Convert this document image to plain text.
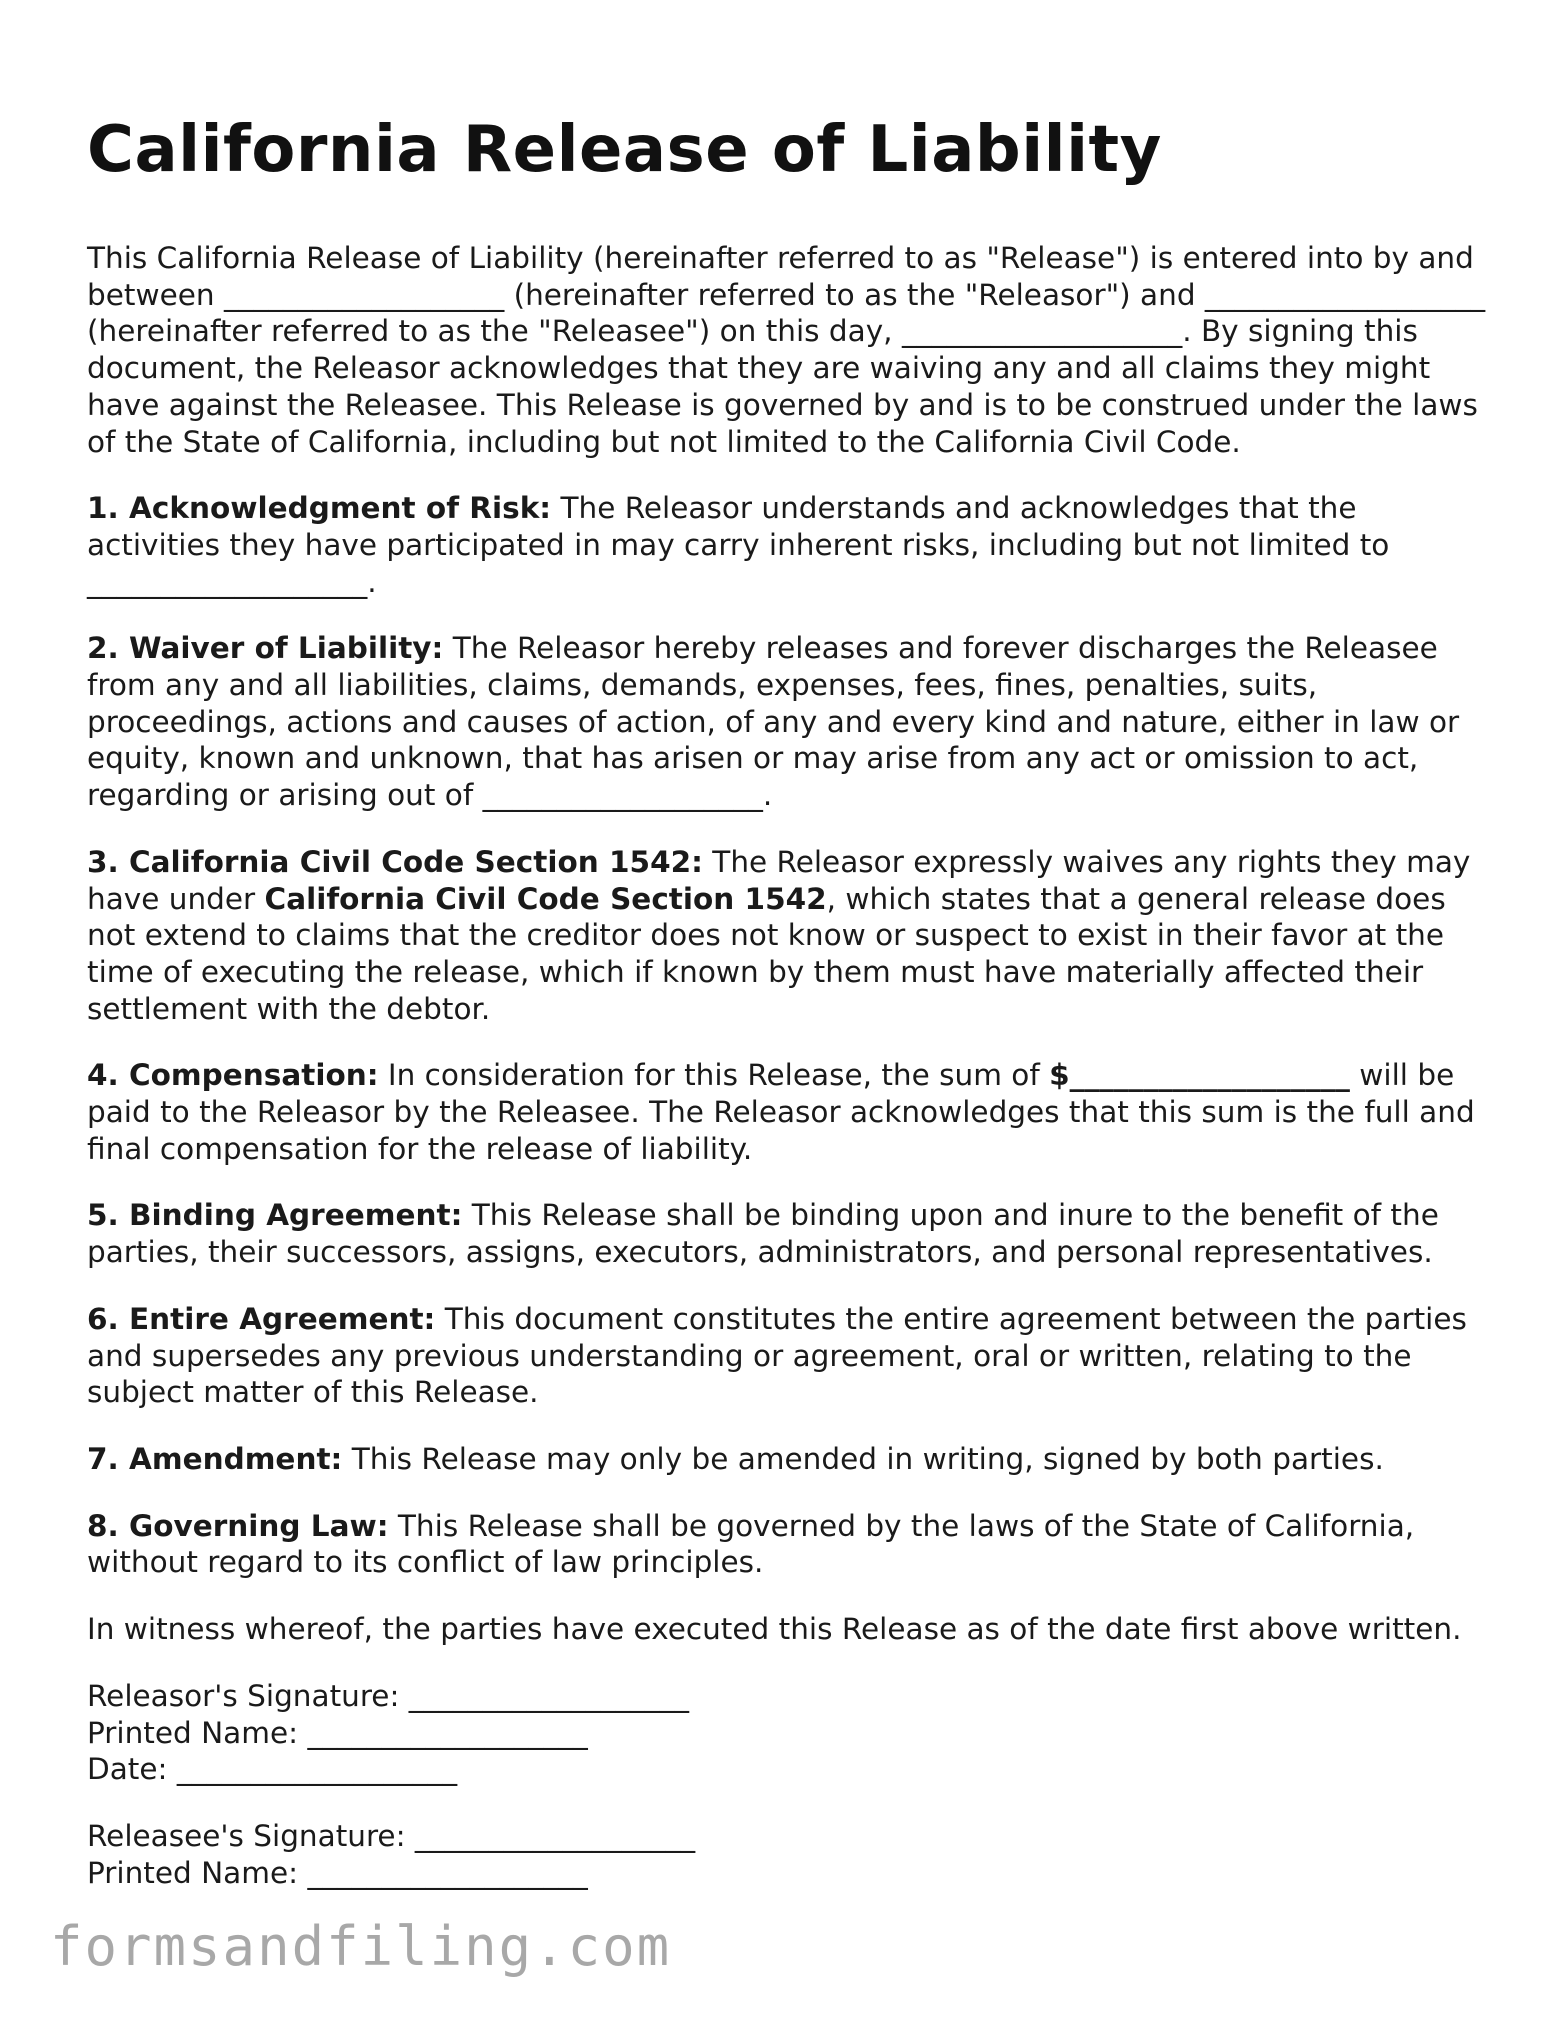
California Release of Liability

This California Release of Liability (hereinafter referred to as "Release") is entered into by and between ___________________ (hereinafter referred to as the "Releasor") and ___________________ (hereinafter referred to as the "Releasee") on this day, ___________________. By signing this document, the Releasor acknowledges that they are waiving any and all claims they might have against the Releasee. This Release is governed by and is to be construed under the laws of the State of California, including but not limited to the California Civil Code.

1. Acknowledgment of Risk: The Releasor understands and acknowledges that the activities they have participated in may carry inherent risks, including but not limited to ___________________.

2. Waiver of Liability: The Releasor hereby releases and forever discharges the Releasee from any and all liabilities, claims, demands, expenses, fees, fines, penalties, suits, proceedings, actions and causes of action, of any and every kind and nature, either in law or equity, known and unknown, that has arisen or may arise from any act or omission to act, regarding or arising out of ___________________.

3. California Civil Code Section 1542: The Releasor expressly waives any rights they may have under California Civil Code Section 1542, which states that a general release does not extend to claims that the creditor does not know or suspect to exist in their favor at the time of executing the release, which if known by them must have materially affected their settlement with the debtor.

4. Compensation: In consideration for this Release, the sum of $___________________ will be paid to the Releasor by the Releasee. The Releasor acknowledges that this sum is the full and final compensation for the release of liability.

5. Binding Agreement: This Release shall be binding upon and inure to the benefit of the parties, their successors, assigns, executors, administrators, and personal representatives.

6. Entire Agreement: This document constitutes the entire agreement between the parties and supersedes any previous understanding or agreement, oral or written, relating to the subject matter of this Release.

7. Amendment: This Release may only be amended in writing, signed by both parties.

8. Governing Law: This Release shall be governed by the laws of the State of California, without regard to its conflict of law principles.

In witness whereof, the parties have executed this Release as of the date first above written.

Releasor's Signature: ___________________
Printed Name: ___________________
Date: ___________________
Releasee's Signature: ___________________
Printed Name: ___________________
formsandfiling.com
